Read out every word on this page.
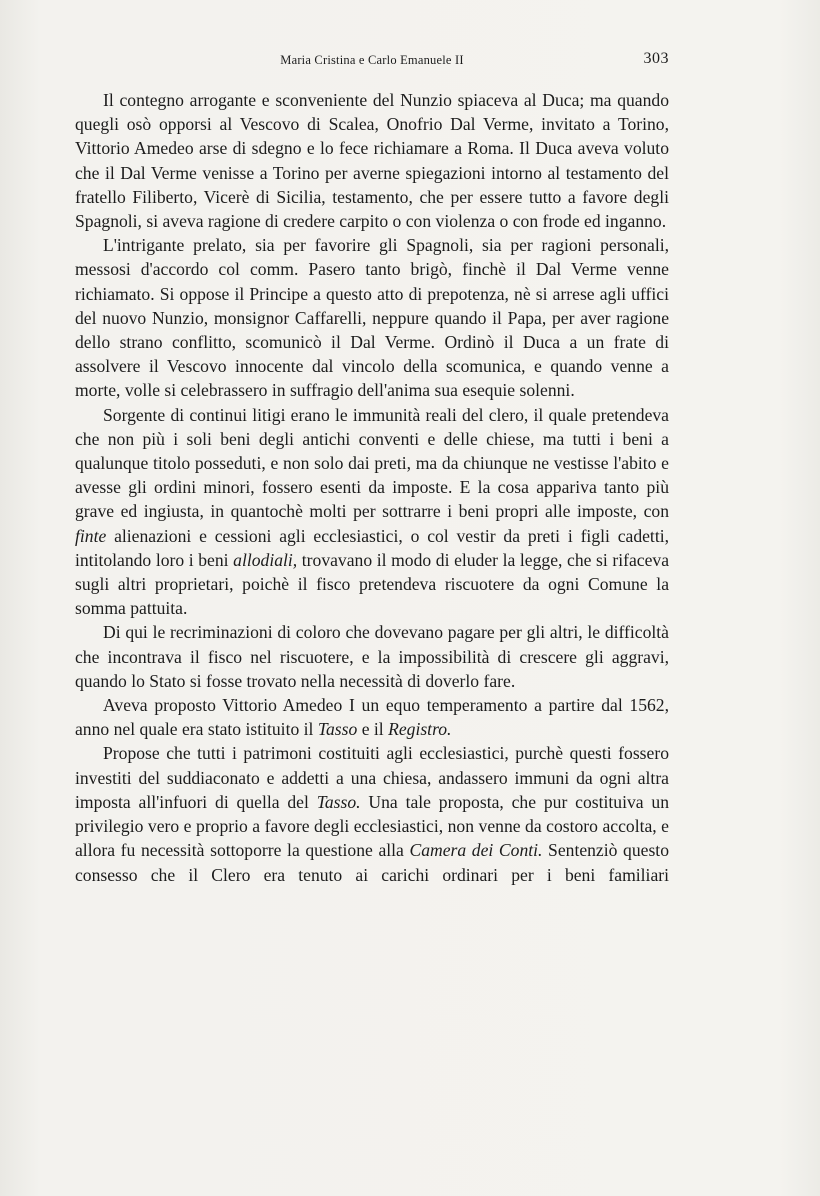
Maria Cristina e Carlo Emanuele II	303

Il contegno arrogante e sconveniente del Nunzio spiaceva al Duca; ma quando quegli osò opporsi al Vescovo di Scalea, Onofrio Dal Verme, invitato a Torino, Vittorio Amedeo arse di sdegno e lo fece richiamare a Roma. Il Duca aveva voluto che il Dal Verme venisse a Torino per averne spiegazioni intorno al testamento del fratello Filiberto, Vicerè di Sicilia, testamento, che per essere tutto a favore degli Spagnoli, si aveva ragione di credere carpito o con violenza o con frode ed inganno.

L'intrigante prelato, sia per favorire gli Spagnoli, sia per ragioni personali, messosi d'accordo col comm. Pasero tanto brigò, finchè il Dal Verme venne richiamato. Si oppose il Principe a questo atto di prepotenza, nè si arrese agli uffici del nuovo Nunzio, monsignor Caffarelli, neppure quando il Papa, per aver ragione dello strano conflitto, scomunicò il Dal Verme. Ordinò il Duca a un frate di assolvere il Vescovo innocente dal vincolo della scomunica, e quando venne a morte, volle si celebrassero in suffragio dell'anima sua esequie solenni.

Sorgente di continui litigi erano le immunità reali del clero, il quale pretendeva che non più i soli beni degli antichi conventi e delle chiese, ma tutti i beni a qualunque titolo posseduti, e non solo dai preti, ma da chiunque ne vestisse l'abito e avesse gli ordini minori, fossero esenti da imposte. E la cosa appariva tanto più grave ed ingiusta, in quantochè molti per sottrarre i beni propri alle imposte, con finte alienazioni e cessioni agli ecclesiastici, o col vestir da preti i figli cadetti, intitolando loro i beni allodiali, trovavano il modo di eluder la legge, che si rifaceva sugli altri proprietari, poichè il fisco pretendeva riscuotere da ogni Comune la somma pattuita.

Di qui le recriminazioni di coloro che dovevano pagare per gli altri, le difficoltà che incontrava il fisco nel riscuotere, e la impossibilità di crescere gli aggravi, quando lo Stato si fosse trovato nella necessità di doverlo fare.

Aveva proposto Vittorio Amedeo I un equo temperamento a partire dal 1562, anno nel quale era stato istituito il Tasso e il Registro.

Propose che tutti i patrimoni costituiti agli ecclesiastici, purchè questi fossero investiti del suddiaconato e addetti a una chiesa, andassero immuni da ogni altra imposta all'infuori di quella del Tasso. Una tale proposta, che pur costituiva un privilegio vero e proprio a favore degli ecclesiastici, non venne da costoro accolta, e allora fu necessità sottoporre la questione alla Camera dei Conti. Sentenziò questo consesso che il Clero era tenuto ai carichi ordinari per i beni familiari
